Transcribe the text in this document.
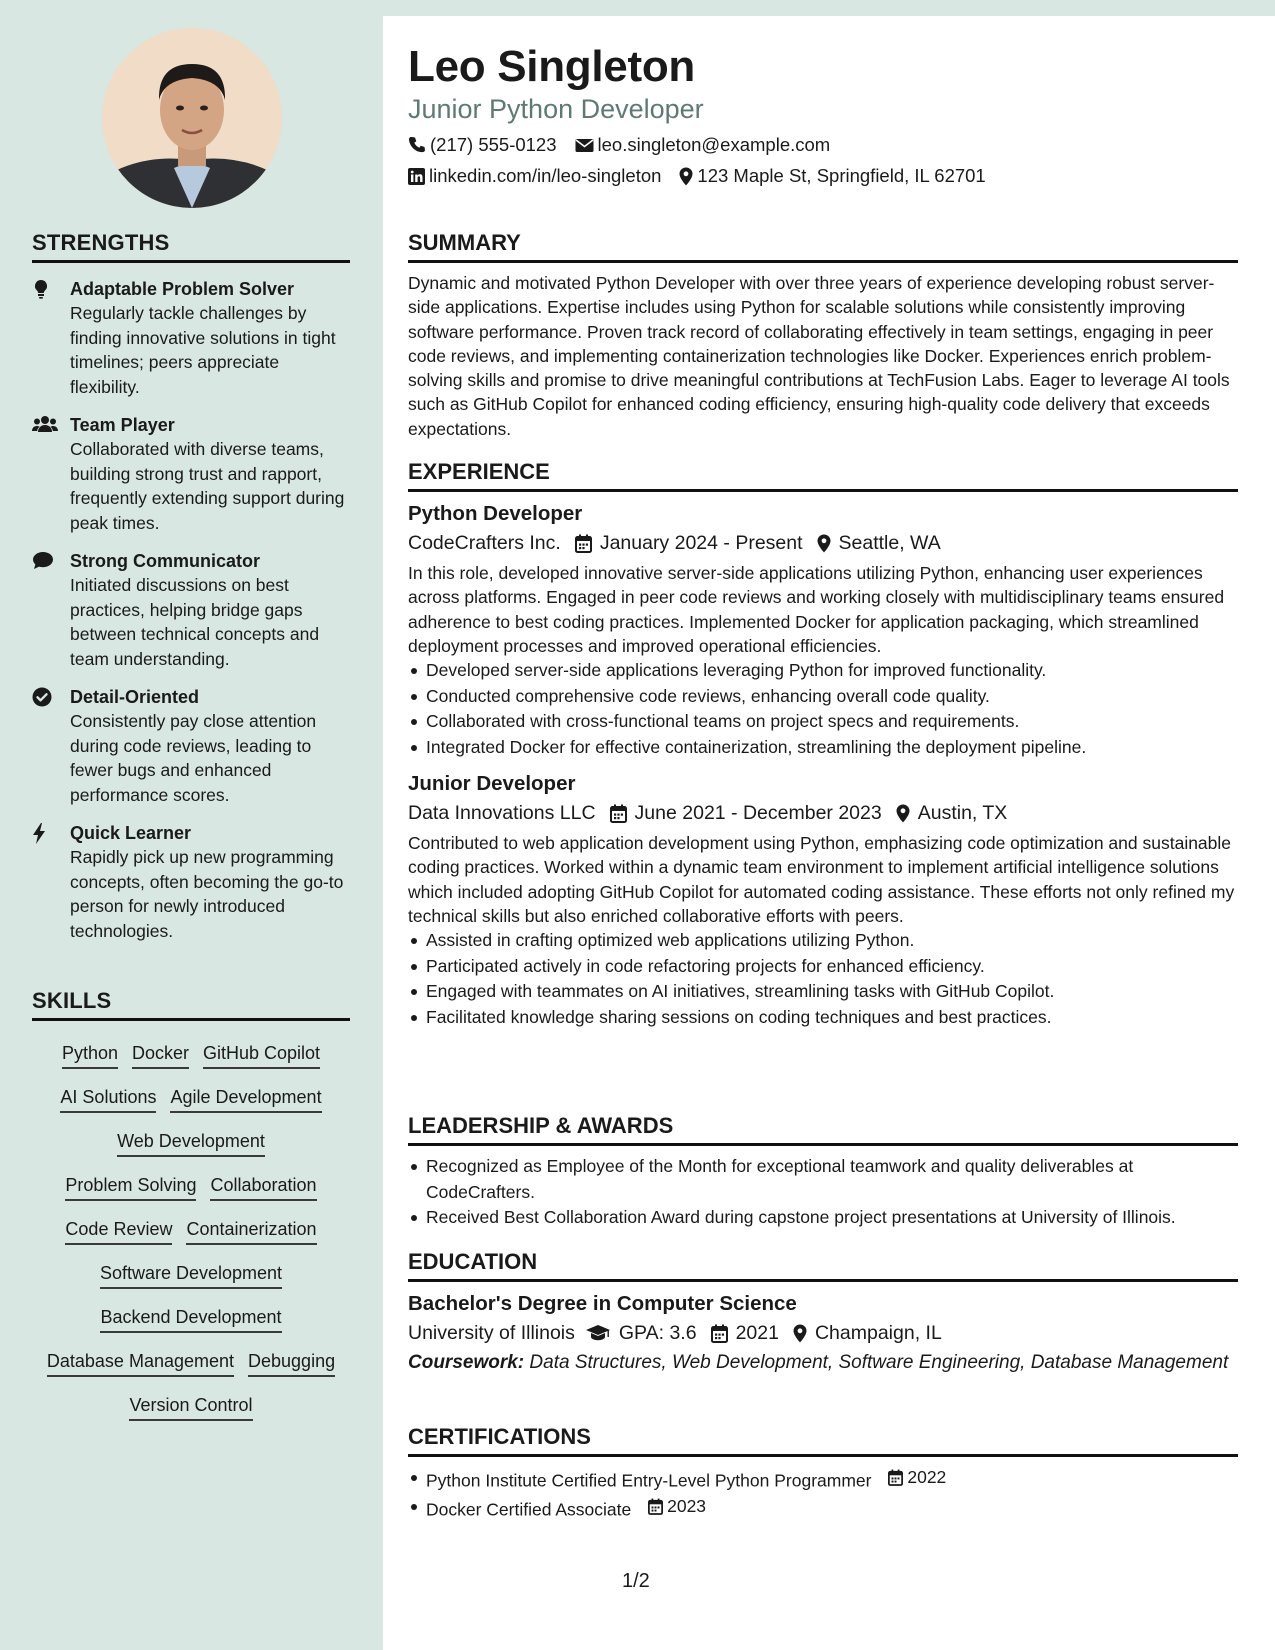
STRENGTHS
Adaptable Problem Solver
Regularly tackle challenges by finding innovative solutions in tight timelines; peers appreciate flexibility.
Team Player
Collaborated with diverse teams, building strong trust and rapport, frequently extending support during peak times.
Strong Communicator
Initiated discussions on best practices, helping bridge gaps between technical concepts and team understanding.
Detail-Oriented
Consistently pay close attention during code reviews, leading to fewer bugs and enhanced performance scores.
Quick Learner
Rapidly pick up new programming concepts, often becoming the go-to person for newly introduced technologies.
SKILLS
Python Docker GitHub Copilot
AI Solutions Agile Development
Web Development
Problem Solving Collaboration
Code Review Containerization
Software Development
Backend Development
Database Management Debugging
Version Control
Leo Singleton
Junior Python Developer
(217) 555-0123 leo.singleton@example.com
linkedin.com/in/leo-singleton 123 Maple St, Springfield, IL 62701
SUMMARY
Dynamic and motivated Python Developer with over three years of experience developing robust server-side applications. Expertise includes using Python for scalable solutions while consistently improving software performance. Proven track record of collaborating effectively in team settings, engaging in peer code reviews, and implementing containerization technologies like Docker. Experiences enrich problem-solving skills and promise to drive meaningful contributions at TechFusion Labs. Eager to leverage AI tools such as GitHub Copilot for enhanced coding efficiency, ensuring high-quality code delivery that exceeds expectations.
EXPERIENCE
Python Developer
CodeCrafters Inc. January 2024 - Present Seattle, WA
In this role, developed innovative server-side applications utilizing Python, enhancing user experiences across platforms. Engaged in peer code reviews and working closely with multidisciplinary teams ensured adherence to best coding practices. Implemented Docker for application packaging, which streamlined deployment processes and improved operational efficiencies.
Developed server-side applications leveraging Python for improved functionality.
Conducted comprehensive code reviews, enhancing overall code quality.
Collaborated with cross-functional teams on project specs and requirements.
Integrated Docker for effective containerization, streamlining the deployment pipeline.
Junior Developer
Data Innovations LLC June 2021 - December 2023 Austin, TX
Contributed to web application development using Python, emphasizing code optimization and sustainable coding practices. Worked within a dynamic team environment to implement artificial intelligence solutions which included adopting GitHub Copilot for automated coding assistance. These efforts not only refined my technical skills but also enriched collaborative efforts with peers.
Assisted in crafting optimized web applications utilizing Python.
Participated actively in code refactoring projects for enhanced efficiency.
Engaged with teammates on AI initiatives, streamlining tasks with GitHub Copilot.
Facilitated knowledge sharing sessions on coding techniques and best practices.
LEADERSHIP & AWARDS
Recognized as Employee of the Month for exceptional teamwork and quality deliverables at CodeCrafters.
Received Best Collaboration Award during capstone project presentations at University of Illinois.
EDUCATION
Bachelor's Degree in Computer Science
University of Illinois GPA: 3.6 2021 Champaign, IL
Coursework: Data Structures, Web Development, Software Engineering, Database Management
CERTIFICATIONS
Python Institute Certified Entry-Level Python Programmer 2022
Docker Certified Associate 2023
1/2
